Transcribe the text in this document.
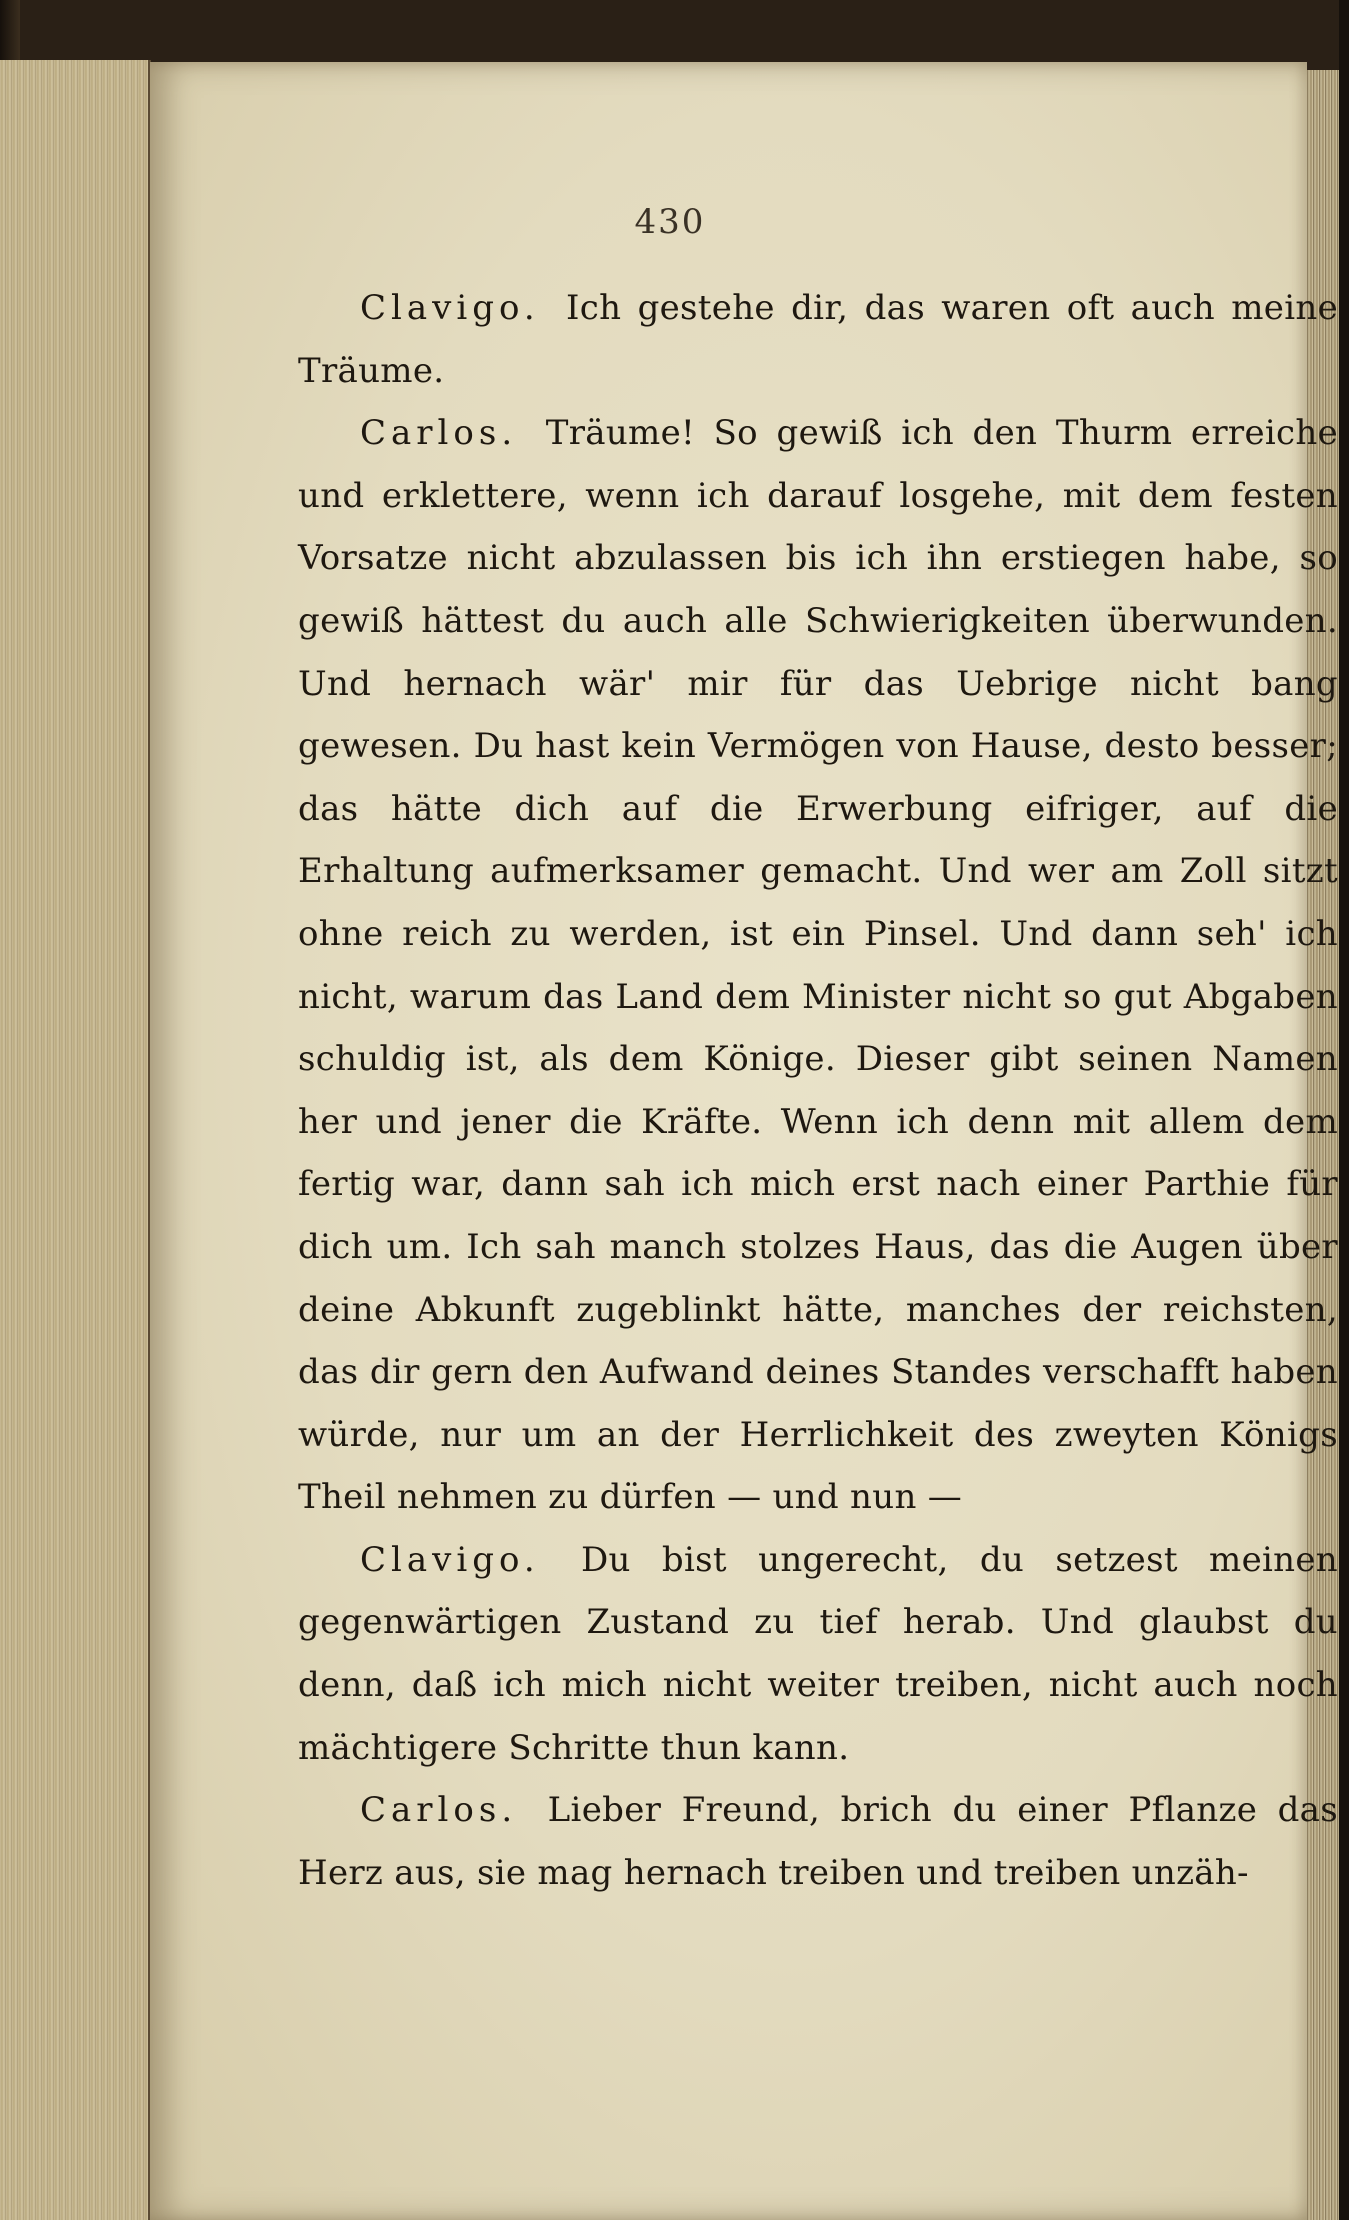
430

Clavigo. Ich gestehe dir, das waren oft auch meine Träume.

Carlos. Träume! So gewiß ich den Thurm erreiche und erklettere, wenn ich darauf losgehe, mit dem festen Vorsatze nicht abzulassen bis ich ihn erstiegen habe, so gewiß hättest du auch alle Schwierigkeiten überwunden. Und hernach wär' mir für das Uebrige nicht bang gewesen. Du hast kein Vermögen von Hause, desto besser; das hätte dich auf die Erwerbung eifriger, auf die Erhaltung aufmerksamer gemacht. Und wer am Zoll sitzt ohne reich zu werden, ist ein Pinsel. Und dann seh' ich nicht, warum das Land dem Minister nicht so gut Abgaben schuldig ist, als dem Könige. Dieser gibt seinen Namen her und jener die Kräfte. Wenn ich denn mit allem dem fertig war, dann sah ich mich erst nach einer Parthie für dich um. Ich sah manch stolzes Haus, das die Augen über deine Abkunft zugeblinkt hätte, manches der reichsten, das dir gern den Aufwand deines Standes verschafft haben würde, nur um an der Herrlichkeit des zweyten Königs Theil nehmen zu dürfen — und nun —

Clavigo. Du bist ungerecht, du setzest meinen gegenwärtigen Zustand zu tief herab. Und glaubst du denn, daß ich mich nicht weiter treiben, nicht auch noch mächtigere Schritte thun kann.

Carlos. Lieber Freund, brich du einer Pflanze das Herz aus, sie mag hernach treiben und treiben unzäh-
